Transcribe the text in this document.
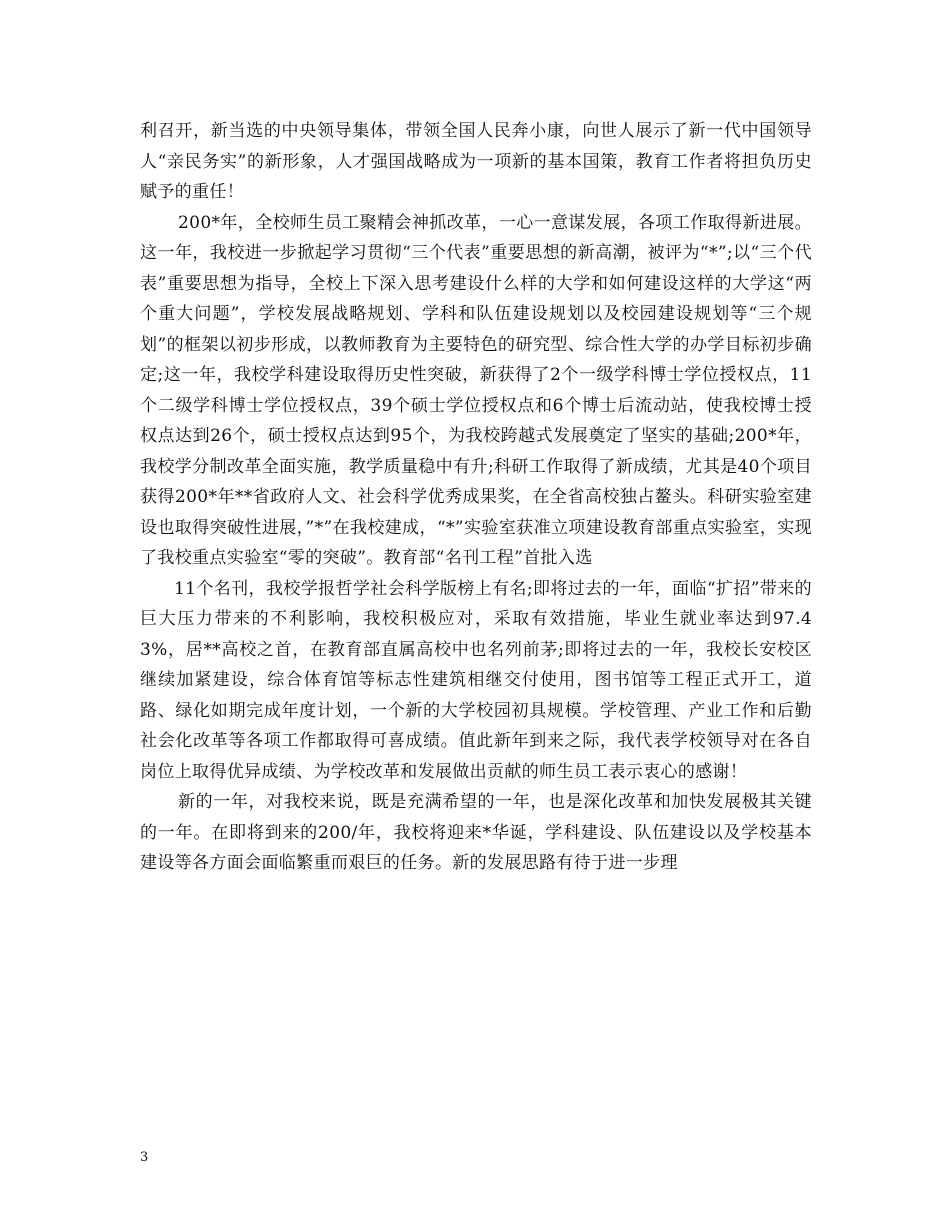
利召开，新当选的中央领导集体，带领全国人民奔小康，向世人展示了新一代中国领导人“亲民务实”的新形象，人才强国战略成为一项新的基本国策，教育工作者将担负历史赋予的重任！

200*年，全校师生员工聚精会神抓改革，一心一意谋发展，各项工作取得新进展。这一年，我校进一步掀起学习贯彻“三个代表”重要思想的新高潮，被评为“*”;以“三个代表”重要思想为指导，全校上下深入思考建设什么样的大学和如何建设这样的大学这“两个重大问题”，学校发展战略规划、学科和队伍建设规划以及校园建设规划等“三个规划”的框架以初步形成，以教师教育为主要特色的研究型、综合性大学的办学目标初步确定;这一年，我校学科建设取得历史性突破，新获得了2个一级学科博士学位授权点，11个二级学科博士学位授权点，39个硕士学位授权点和6个博士后流动站，使我校博士授权点达到26个，硕士授权点达到95个，为我校跨越式发展奠定了坚实的基础;200*年，我校学分制改革全面实施，教学质量稳中有升;科研工作取得了新成绩，尤其是40个项目获得200*年**省政府人文、社会科学优秀成果奖，在全省高校独占鳌头。科研实验室建设也取得突破性进展，”*”在我校建成，“*”实验室获准立项建设教育部重点实验室，实现了我校重点实验室“零的突破”。教育部“名刊工程”首批入选

11个名刊，我校学报哲学社会科学版榜上有名;即将过去的一年，面临“扩招”带来的巨大压力带来的不利影响，我校积极应对，采取有效措施，毕业生就业率达到97.43%，居**高校之首，在教育部直属高校中也名列前茅;即将过去的一年，我校长安校区继续加紧建设，综合体育馆等标志性建筑相继交付使用，图书馆等工程正式开工，道路、绿化如期完成年度计划，一个新的大学校园初具规模。学校管理、产业工作和后勤社会化改革等各项工作都取得可喜成绩。值此新年到来之际，我代表学校领导对在各自岗位上取得优异成绩、为学校改革和发展做出贡献的师生员工表示衷心的感谢！

新的一年，对我校来说，既是充满希望的一年，也是深化改革和加快发展极其关键的一年。在即将到来的200/年，我校将迎来*华诞，学科建设、队伍建设以及学校基本建设等各方面会面临繁重而艰巨的任务。新的发展思路有待于进一步理

3
